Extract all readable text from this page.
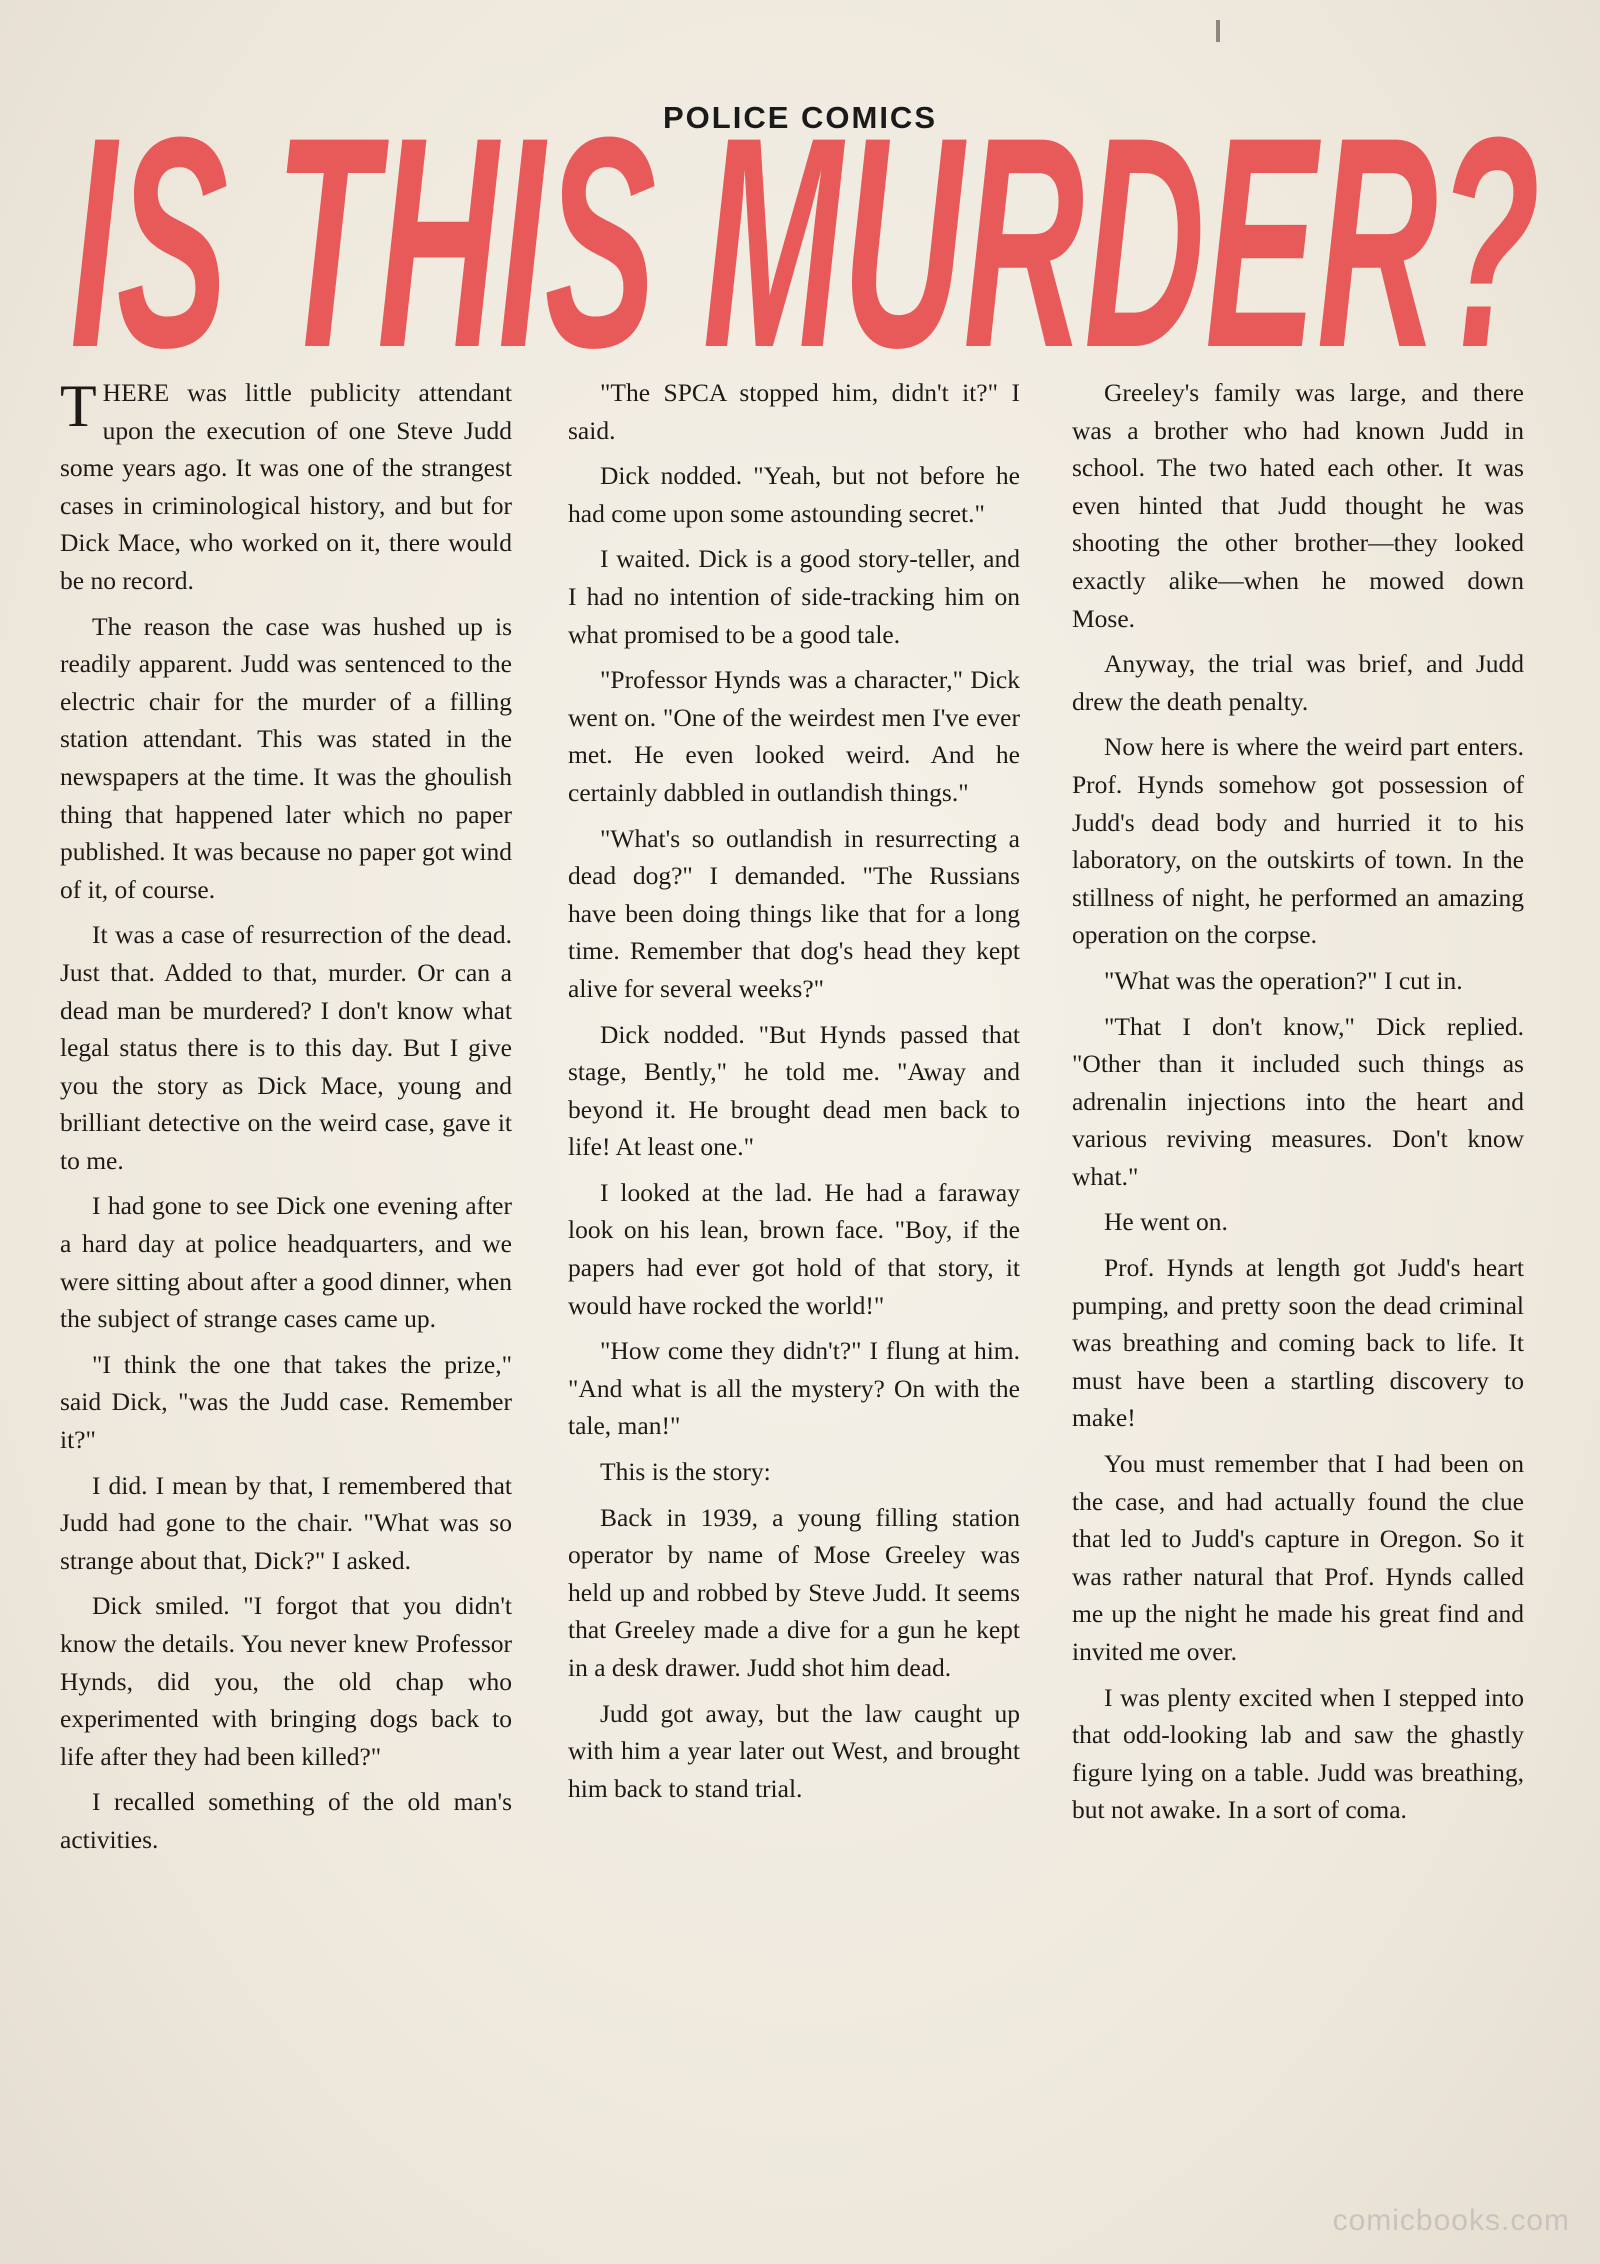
POLICE COMICS
IS THIS MURDER?

THERE was little publicity attendant upon the execution of one Steve Judd some years ago. It was one of the strangest cases in criminological history, and but for Dick Mace, who worked on it, there would be no record.

The reason the case was hushed up is readily apparent. Judd was sentenced to the electric chair for the murder of a filling station attendant. This was stated in the newspapers at the time. It was the ghoulish thing that happened later which no paper published. It was because no paper got wind of it, of course.

It was a case of resurrection of the dead. Just that. Added to that, murder. Or can a dead man be murdered? I don't know what legal status there is to this day. But I give you the story as Dick Mace, young and brilliant detective on the weird case, gave it to me.

I had gone to see Dick one evening after a hard day at police headquarters, and we were sitting about after a good dinner, when the subject of strange cases came up.

"I think the one that takes the prize," said Dick, "was the Judd case. Remember it?"

I did. I mean by that, I remembered that Judd had gone to the chair. "What was so strange about that, Dick?" I asked.

Dick smiled. "I forgot that you didn't know the details. You never knew Professor Hynds, did you, the old chap who experimented with bringing dogs back to life after they had been killed?"

I recalled something of the old man's activities.

"The SPCA stopped him, didn't it?" I said.

Dick nodded. "Yeah, but not before he had come upon some astounding secret."

I waited. Dick is a good story-teller, and I had no intention of side-tracking him on what promised to be a good tale.

"Professor Hynds was a character," Dick went on. "One of the weirdest men I've ever met. He even looked weird. And he certainly dabbled in outlandish things."

"What's so outlandish in resurrecting a dead dog?" I demanded. "The Russians have been doing things like that for a long time. Remember that dog's head they kept alive for several weeks?"

Dick nodded. "But Hynds passed that stage, Bently," he told me. "Away and beyond it. He brought dead men back to life! At least one."

I looked at the lad. He had a faraway look on his lean, brown face. "Boy, if the papers had ever got hold of that story, it would have rocked the world!"

"How come they didn't?" I flung at him. "And what is all the mystery? On with the tale, man!"

This is the story:

Back in 1939, a young filling station operator by name of Mose Greeley was held up and robbed by Steve Judd. It seems that Greeley made a dive for a gun he kept in a desk drawer. Judd shot him dead.

Judd got away, but the law caught up with him a year later out West, and brought him back to stand trial.

Greeley's family was large, and there was a brother who had known Judd in school. The two hated each other. It was even hinted that Judd thought he was shooting the other brother—they looked exactly alike—when he mowed down Mose.

Anyway, the trial was brief, and Judd drew the death penalty.

Now here is where the weird part enters. Prof. Hynds somehow got possession of Judd's dead body and hurried it to his laboratory, on the outskirts of town. In the stillness of night, he performed an amazing operation on the corpse.

"What was the operation?" I cut in.

"That I don't know," Dick replied. "Other than it included such things as adrenalin injections into the heart and various reviving measures. Don't know what."

He went on.

Prof. Hynds at length got Judd's heart pumping, and pretty soon the dead criminal was breathing and coming back to life. It must have been a startling discovery to make!

You must remember that I had been on the case, and had actually found the clue that led to Judd's capture in Oregon. So it was rather natural that Prof. Hynds called me up the night he made his great find and invited me over.

I was plenty excited when I stepped into that odd-looking lab and saw the ghastly figure lying on a table. Judd was breathing, but not awake. In a sort of coma.

comicbooks.com
